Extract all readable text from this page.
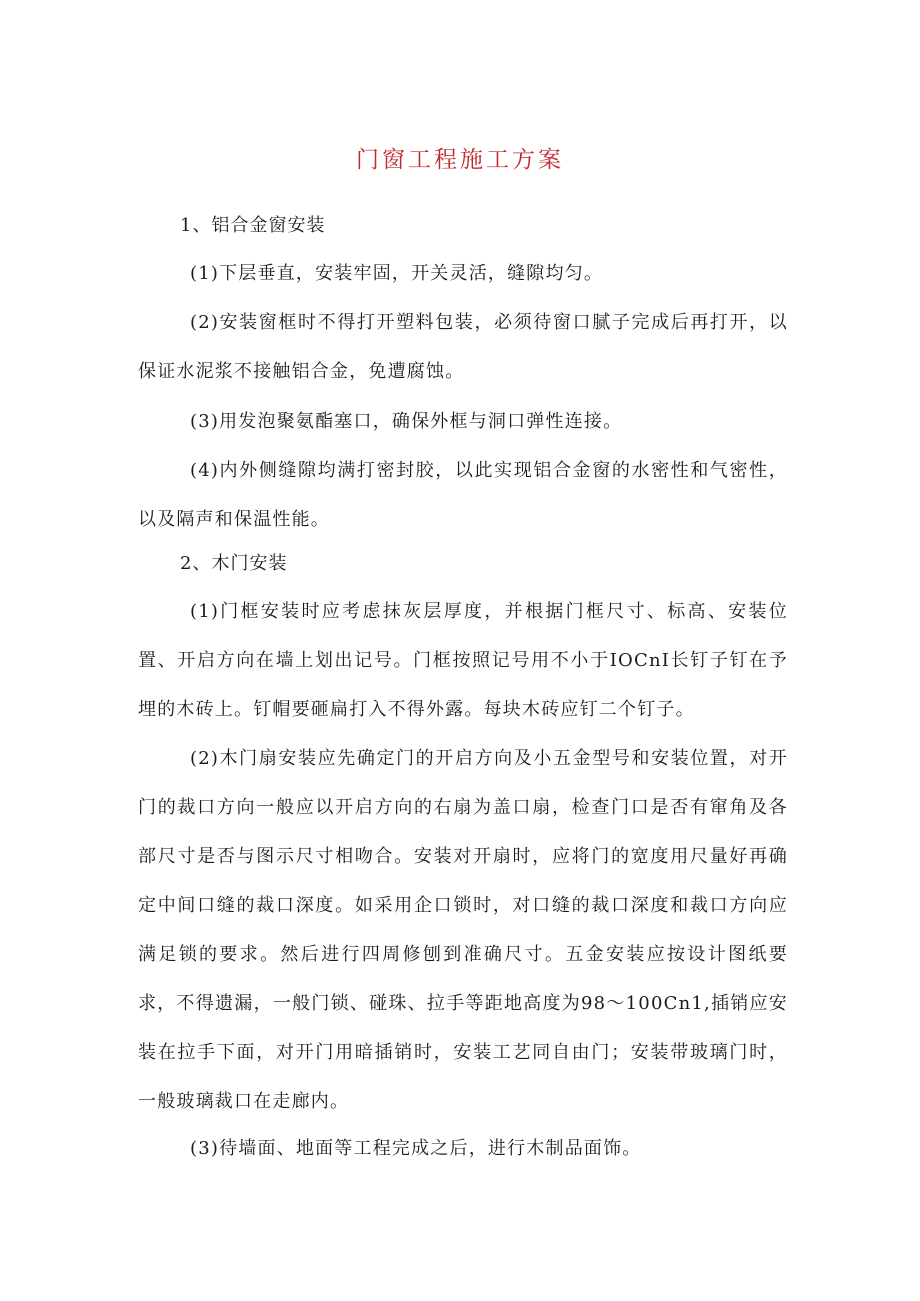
门窗工程施工方案
1、铝合金窗安装

(1)下层垂直，安装牢固，开关灵活，缝隙均匀。

(2)安装窗框时不得打开塑料包装，必须待窗口腻子完成后再打开，以保证水泥浆不接触铝合金，免遭腐蚀。

(3)用发泡聚氨酯塞口，确保外框与洞口弹性连接。

(4)内外侧缝隙均满打密封胶，以此实现铝合金窗的水密性和气密性，以及隔声和保温性能。

2、木门安装

(1)门框安装时应考虑抹灰层厚度，并根据门框尺寸、标高、安装位置、开启方向在墙上划出记号。门框按照记号用不小于IOCnI长钉子钉在予埋的木砖上。钉帽要砸扁打入不得外露。每块木砖应钉二个钉子。

(2)木门扇安装应先确定门的开启方向及小五金型号和安装位置，对开门的裁口方向一般应以开启方向的右扇为盖口扇，检查门口是否有窜角及各部尺寸是否与图示尺寸相吻合。安装对开扇时，应将门的宽度用尺量好再确定中间口缝的裁口深度。如采用企口锁时，对口缝的裁口深度和裁口方向应满足锁的要求。然后进行四周修刨到准确尺寸。五金安装应按设计图纸要求，不得遗漏，一般门锁、碰珠、拉手等距地高度为98～100Cn1,插销应安装在拉手下面，对开门用暗插销时，安装工艺同自由门；安装带玻璃门时，一般玻璃裁口在走廊内。

(3)待墙面、地面等工程完成之后，进行木制品面饰。
